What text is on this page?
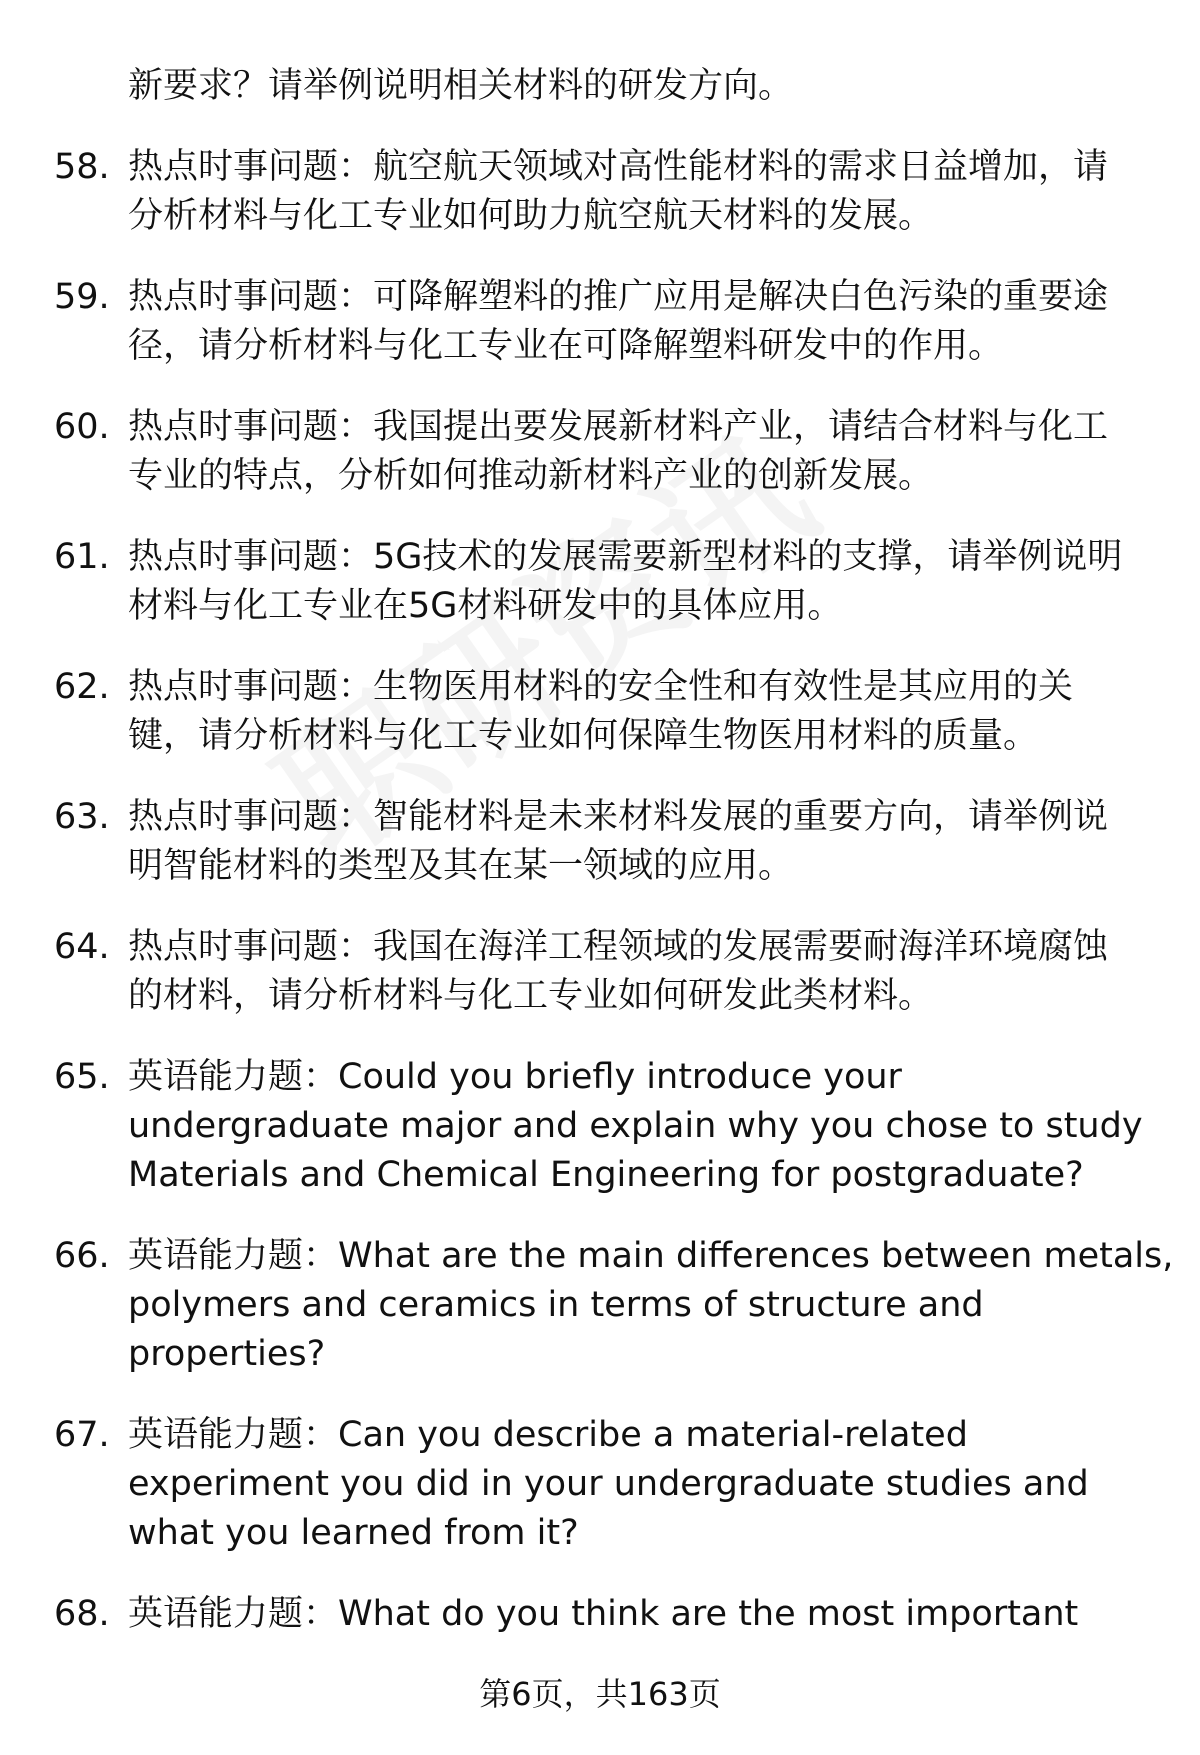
新要求？请举例说明相关材料的研发方向。
58. 热点时事问题：航空航天领域对高性能材料的需求日益增加，请
分析材料与化工专业如何助力航空航天材料的发展。
59. 热点时事问题：可降解塑料的推广应用是解决白色污染的重要途
径，请分析材料与化工专业在可降解塑料研发中的作用。
60. 热点时事问题：我国提出要发展新材料产业，请结合材料与化工
专业的特点，分析如何推动新材料产业的创新发展。
61. 热点时事问题：5G技术的发展需要新型材料的支撑，请举例说明
材料与化工专业在5G材料研发中的具体应用。
62. 热点时事问题：生物医用材料的安全性和有效性是其应用的关
键，请分析材料与化工专业如何保障生物医用材料的质量。
63. 热点时事问题：智能材料是未来材料发展的重要方向，请举例说
明智能材料的类型及其在某一领域的应用。
64. 热点时事问题：我国在海洋工程领域的发展需要耐海洋环境腐蚀
的材料，请分析材料与化工专业如何研发此类材料。
65. 英语能力题：Could you briefly introduce your
undergraduate major and explain why you chose to study
Materials and Chemical Engineering for postgraduate?
66. 英语能力题：What are the main differences between metals,
polymers and ceramics in terms of structure and
properties?
67. 英语能力题：Can you describe a material-related
experiment you did in your undergraduate studies and
what you learned from it?
68. 英语能力题：What do you think are the most important
第6页，共163页
